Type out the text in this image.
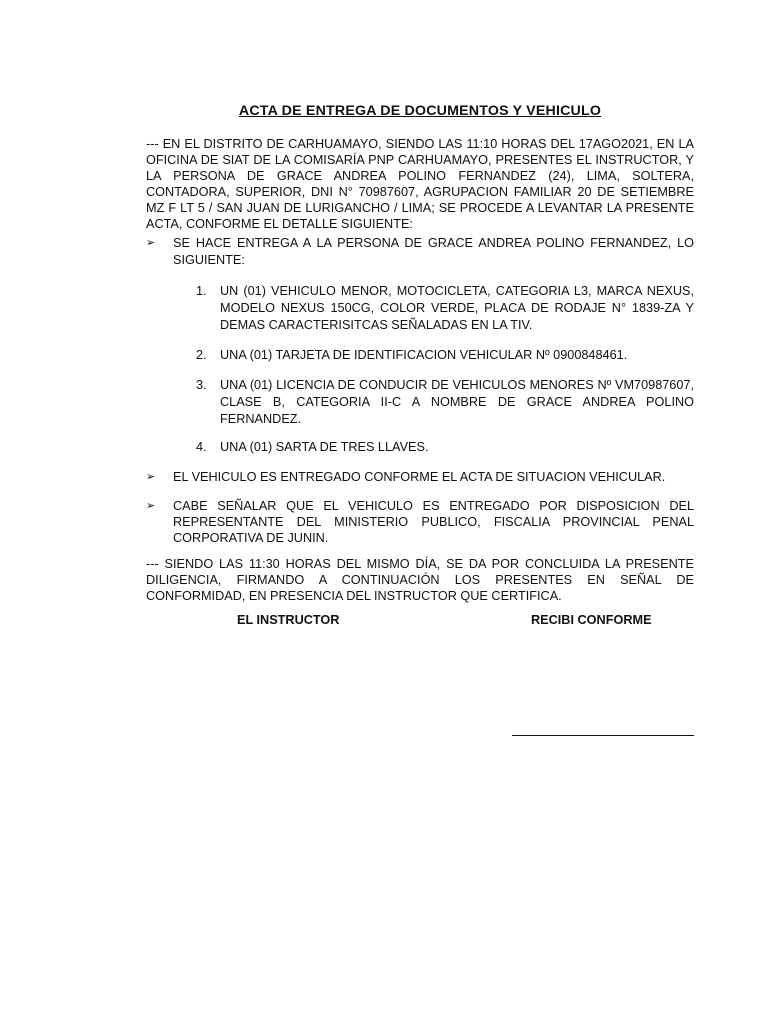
ACTA DE ENTREGA DE DOCUMENTOS Y VEHICULO
--- EN EL DISTRITO DE CARHUAMAYO, SIENDO LAS 11:10 HORAS DEL 17AGO2021, EN LA OFICINA DE SIAT DE LA COMISARÍA PNP CARHUAMAYO, PRESENTES EL INSTRUCTOR, Y LA PERSONA DE GRACE ANDREA POLINO FERNANDEZ (24), LIMA, SOLTERA, CONTADORA, SUPERIOR, DNI N° 70987607, AGRUPACION FAMILIAR 20 DE SETIEMBRE MZ F LT 5 / SAN JUAN DE LURIGANCHO / LIMA; SE PROCEDE A LEVANTAR LA PRESENTE ACTA, CONFORME EL DETALLE SIGUIENTE:
➢	SE HACE ENTREGA A LA PERSONA DE GRACE ANDREA POLINO FERNANDEZ, LO SIGUIENTE:
1.	UN (01) VEHICULO MENOR, MOTOCICLETA, CATEGORIA L3, MARCA NEXUS, MODELO NEXUS 150CG, COLOR VERDE, PLACA DE RODAJE N° 1839-ZA Y DEMAS CARACTERISITCAS SEÑALADAS EN LA TIV.
2.	UNA (01) TARJETA DE IDENTIFICACION VEHICULAR Nº 0900848461.
3.	UNA (01) LICENCIA DE CONDUCIR DE VEHICULOS MENORES Nº VM70987607, CLASE B, CATEGORIA II-C A NOMBRE DE GRACE ANDREA POLINO FERNANDEZ.
4.	UNA (01) SARTA DE TRES LLAVES.
➢	EL VEHICULO ES ENTREGADO CONFORME EL ACTA DE SITUACION VEHICULAR.
➢	CABE SEÑALAR QUE EL VEHICULO ES ENTREGADO POR DISPOSICION DEL REPRESENTANTE DEL MINISTERIO PUBLICO, FISCALIA PROVINCIAL PENAL CORPORATIVA DE JUNIN.
--- SIENDO LAS 11:30 HORAS DEL MISMO DÍA, SE DA POR CONCLUIDA LA PRESENTE DILIGENCIA, FIRMANDO A CONTINUACIÓN LOS PRESENTES EN SEÑAL DE CONFORMIDAD, EN PRESENCIA DEL INSTRUCTOR QUE CERTIFICA.
EL INSTRUCTOR	RECIBI CONFORME
